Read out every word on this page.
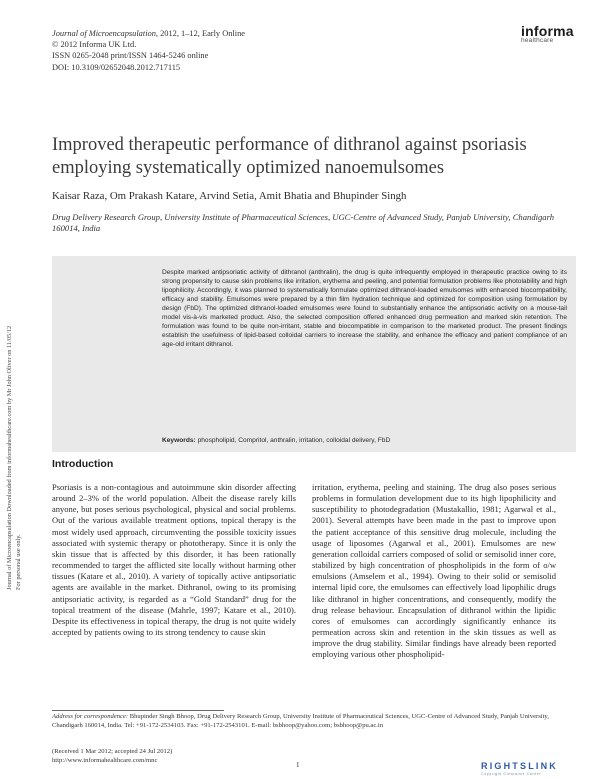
Journal of Microencapsulation, 2012, 1–12, Early Online
© 2012 Informa UK Ltd.
ISSN 0265-2048 print/ISSN 1464-5246 online
DOI: 10.3109/02652048.2012.717115
informa
healthcare
Journal of Microencapsulation Downloaded from informahealthcare.com by Mr John Oliver on 11/05/12 For personal use only.
Improved therapeutic performance of dithranol against psoriasis employing systematically optimized nanoemulsomes
Kaisar Raza, Om Prakash Katare, Arvind Setia, Amit Bhatia and Bhupinder Singh
Drug Delivery Research Group, University Institute of Pharmaceutical Sciences, UGC-Centre of Advanced Study, Panjab University, Chandigarh 160014, India
Despite marked antipsoriatic activity of dithranol (anthralin), the drug is quite infrequently employed in therapeutic practice owing to its strong propensity to cause skin problems like irritation, erythema and peeling, and potential formulation problems like photolability and high lipophilicity. Accordingly, it was planned to systematically formulate optimized dithranol-loaded emulsomes with enhanced biocompatibility, efficacy and stability. Emulsomes were prepared by a thin film hydration technique and optimized for composition using formulation by design (FbD). The optimized dithranol-loaded emulsomes were found to substantially enhance the antipsoriatic activity on a mouse-tail model vis-à-vis marketed product. Also, the selected composition offered enhanced drug permeation and marked skin retention. The formulation was found to be quite non-irritant, stable and biocompatible in comparison to the marketed product. The present findings establish the usefulness of lipid-based colloidal carriers to increase the stability, and enhance the efficacy and patient compliance of an age-old irritant dithranol.
Keywords: phospholipid, Compritol, anthralin, irritation, colloidal delivery, FbD
Introduction

Psoriasis is a non-contagious and autoimmune skin disorder affecting around 2–3% of the world population. Albeit the disease rarely kills anyone, but poses serious psychological, physical and social problems. Out of the various available treatment options, topical therapy is the most widely used approach, circumventing the possible toxicity issues associated with systemic therapy or phototherapy. Since it is only the skin tissue that is affected by this disorder, it has been rationally recommended to target the afflicted site locally without harming other tissues (Katare et al., 2010). A variety of topically active antipsoriatic agents are available in the market. Dithranol, owing to its promising antipsoriatic activity, is regarded as a “Gold Standard” drug for the topical treatment of the disease (Mahrle, 1997; Katare et al., 2010). Despite its effectiveness in topical therapy, the drug is not quite widely accepted by patients owing to its strong tendency to cause skin

irritation, erythema, peeling and staining. The drug also poses serious problems in formulation development due to its high lipophilicity and susceptibility to photodegradation (Mustakallio, 1981; Agarwal et al., 2001). Several attempts have been made in the past to improve upon the patient acceptance of this sensitive drug molecule, including the usage of liposomes (Agarwal et al., 2001). Emulsomes are new generation colloidal carriers composed of solid or semisolid inner core, stabilized by high concentration of phospholipids in the form of o/w emulsions (Amselem et al., 1994). Owing to their solid or semisolid internal lipid core, the emulsomes can effectively load lipophilic drugs like dithranol in higher concentrations, and consequently, modify the drug release behaviour. Encapsulation of dithranol within the lipidic cores of emulsomes can accordingly significantly enhance its permeation across skin and retention in the skin tissues as well as improve the drug stability. Similar findings have already been reported employing various other phospholipid-

Address for correspondence: Bhupinder Singh Bhoop, Drug Delivery Research Group, University Institute of Pharmaceutical Sciences, UGC-Centre of Advanced Study, Panjab University, Chandigarh 160014, India. Tel: +91-172-2534103. Fax: +91-172-2543101. E-mail: bsbhoop@yahoo.com; bsbhoop@pu.ac.in
(Received 1 Mar 2012; accepted 24 Jul 2012)
http://www.informahealthcare.com/mnc
1	RIGHTSLINK
Copyright Clearance Center
